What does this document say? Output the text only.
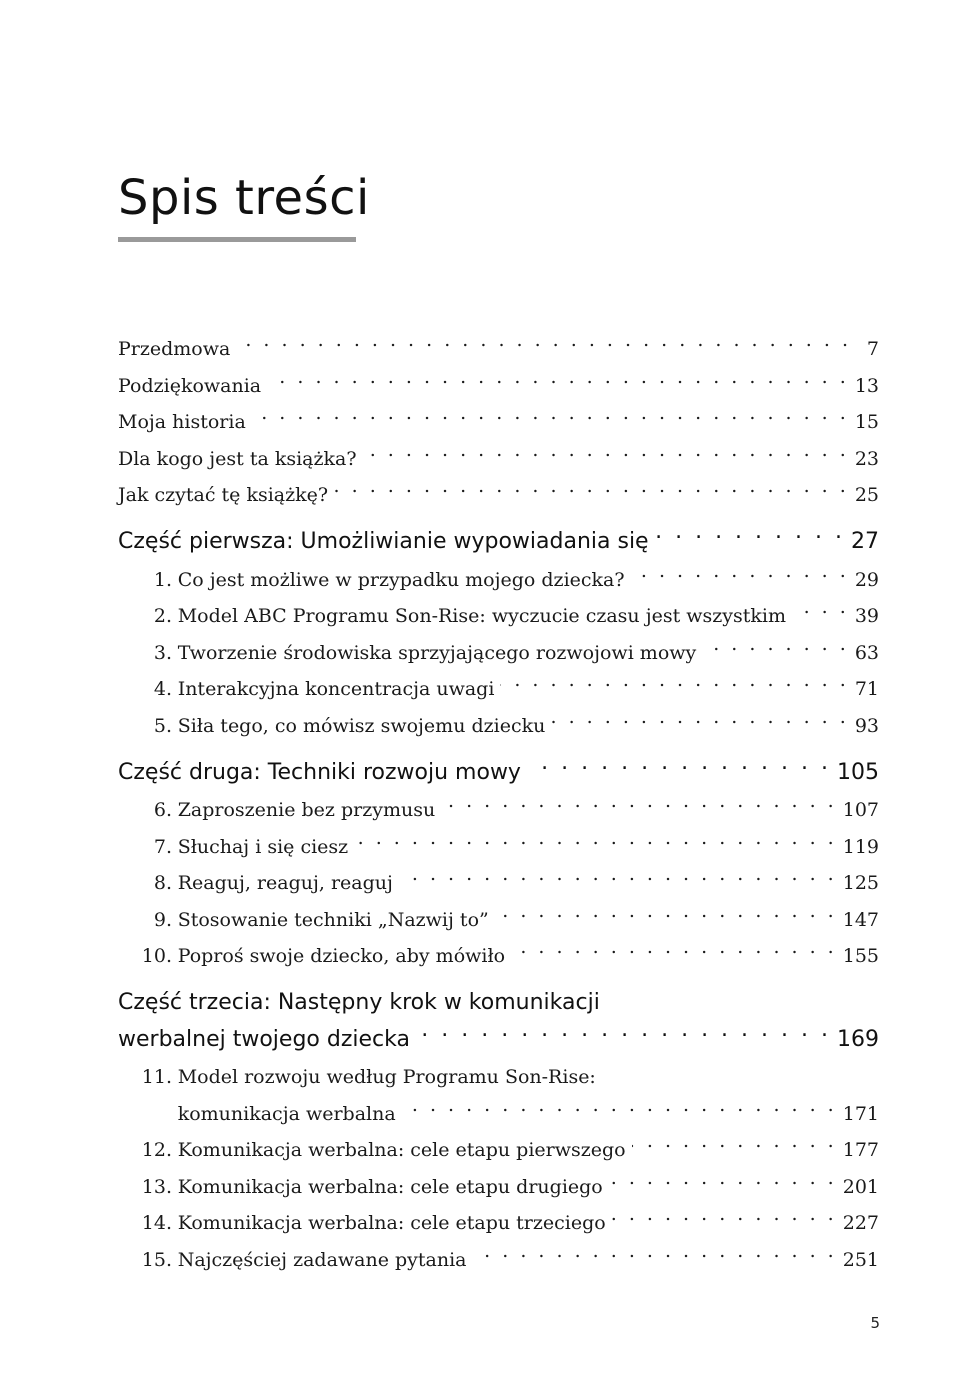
Spis treści
Przedmowa . . .	7
Podziękowania . . .	13
Moja historia . . .	15
Dla kogo jest ta książka? . . .	23
Jak czytać tę książkę? . . .	25
Część pierwsza: Umożliwianie wypowiadania się . . .	27
1. Co jest możliwe w przypadku mojego dziecka? . . .	29
2. Model ABC Programu Son-Rise: wyczucie czasu jest wszystkim . . .	39
3. Tworzenie środowiska sprzyjającego rozwojowi mowy . . .	63
4. Interakcyjna koncentracja uwagi . . .	71
5. Siła tego, co mówisz swojemu dziecku . . .	93
Część druga: Techniki rozwoju mowy . . .	105
6. Zaproszenie bez przymusu . . .	107
7. Słuchaj i się ciesz . . .	119
8. Reaguj, reaguj, reaguj . . .	125
9. Stosowanie techniki „Nazwij to” . . .	147
10. Poproś swoje dziecko, aby mówiło . . .	155
Część trzecia: Następny krok w komunikacji
werbalnej twojego dziecka . . .	169
11. Model rozwoju według Programu Son-Rise:
komunikacja werbalna . . .	171
12. Komunikacja werbalna: cele etapu pierwszego . . .	177
13. Komunikacja werbalna: cele etapu drugiego . . .	201
14. Komunikacja werbalna: cele etapu trzeciego . . .	227
15. Najczęściej zadawane pytania . . .	251
5
